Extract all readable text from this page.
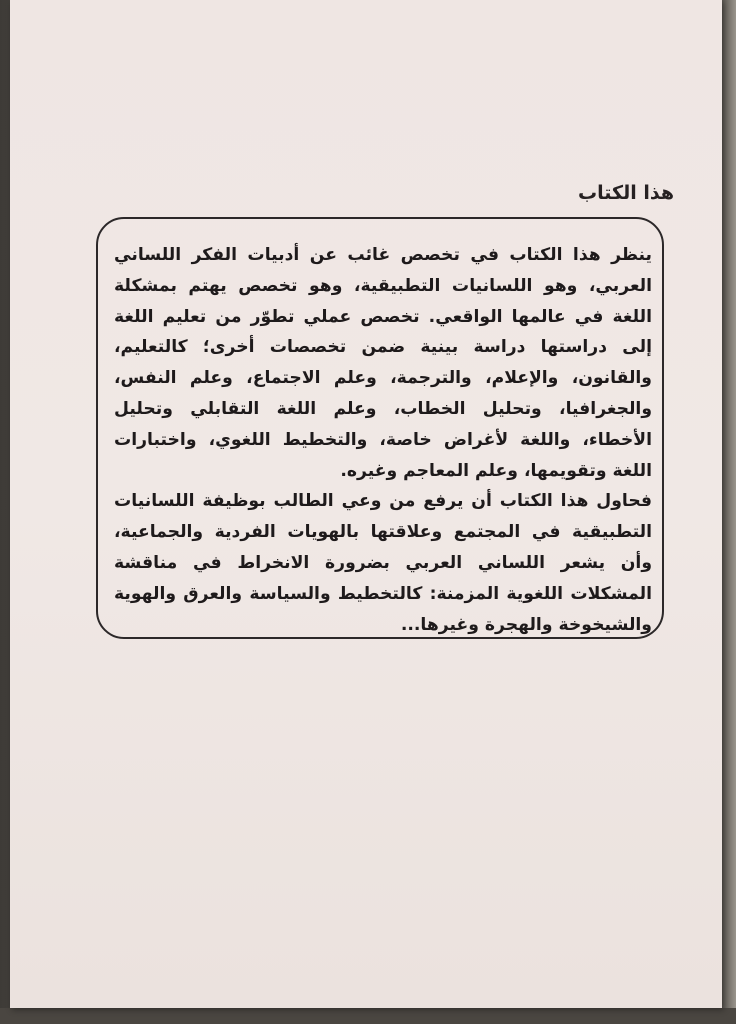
هذا الكتاب

ينظر هذا الكتاب في تخصص غائب عن أدبيات الفكر اللساني العربي، وهو اللسانيات التطبيقية، وهو تخصص يهتم بمشكلة اللغة في عالمها الواقعي. تخصص عملي تطوّر من تعليم اللغة إلى دراستها دراسة بينية ضمن تخصصات أخرى؛ كالتعليم، والقانون، والإعلام، والترجمة، وعلم الاجتماع، وعلم النفس، والجغرافيا، وتحليل الخطاب، وعلم اللغة التقابلي وتحليل الأخطاء، واللغة لأغراض خاصة، والتخطيط اللغوي، واختبارات اللغة وتقويمها، وعلم المعاجم وغيره.

فحاول هذا الكتاب أن يرفع من وعي الطالب بوظيفة اللسانيات التطبيقية في المجتمع وعلاقتها بالهويات الفردية والجماعية، وأن يشعر اللساني العربي بضرورة الانخراط في مناقشة المشكلات اللغوية المزمنة: كالتخطيط والسياسة والعرق والهوية والشيخوخة والهجرة وغيرها...
